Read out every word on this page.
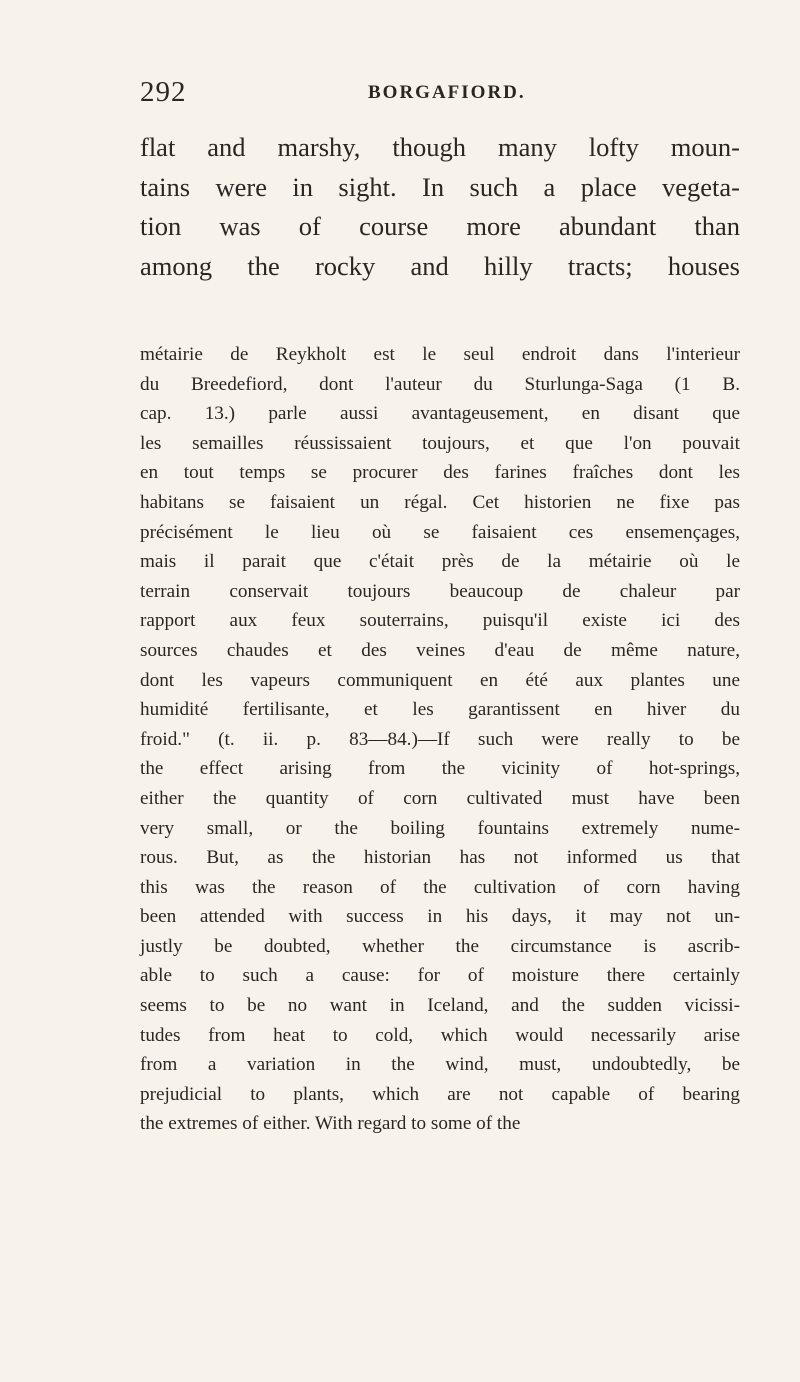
292	BORGAFIORD.

flat and marshy, though many lofty moun-
tains were in sight. In such a place vegeta-
tion was of course more abundant than
among the rocky and hilly tracts; houses

métairie de Reykholt est le seul endroit dans l'interieur
du Breedefiord, dont l'auteur du Sturlunga-Saga (1 B.
cap. 13.) parle aussi avantageusement, en disant que
les semailles réussissaient toujours, et que l'on pouvait
en tout temps se procurer des farines fraîches dont les
habitans se faisaient un régal. Cet historien ne fixe pas
précisément le lieu où se faisaient ces ensemençages,
mais il parait que c'était près de la métairie où le
terrain conservait toujours beaucoup de chaleur par
rapport aux feux souterrains, puisqu'il existe ici des
sources chaudes et des veines d'eau de même nature,
dont les vapeurs communiquent en été aux plantes une
humidité fertilisante, et les garantissent en hiver du
froid." (t. ii. p. 83—84.)—If such were really to be
the effect arising from the vicinity of hot-springs,
either the quantity of corn cultivated must have been
very small, or the boiling fountains extremely nume-
rous. But, as the historian has not informed us that
this was the reason of the cultivation of corn having
been attended with success in his days, it may not un-
justly be doubted, whether the circumstance is ascrib-
able to such a cause: for of moisture there certainly
seems to be no want in Iceland, and the sudden vicissi-
tudes from heat to cold, which would necessarily arise
from a variation in the wind, must, undoubtedly, be
prejudicial to plants, which are not capable of bearing
the extremes of either. With regard to some of the
